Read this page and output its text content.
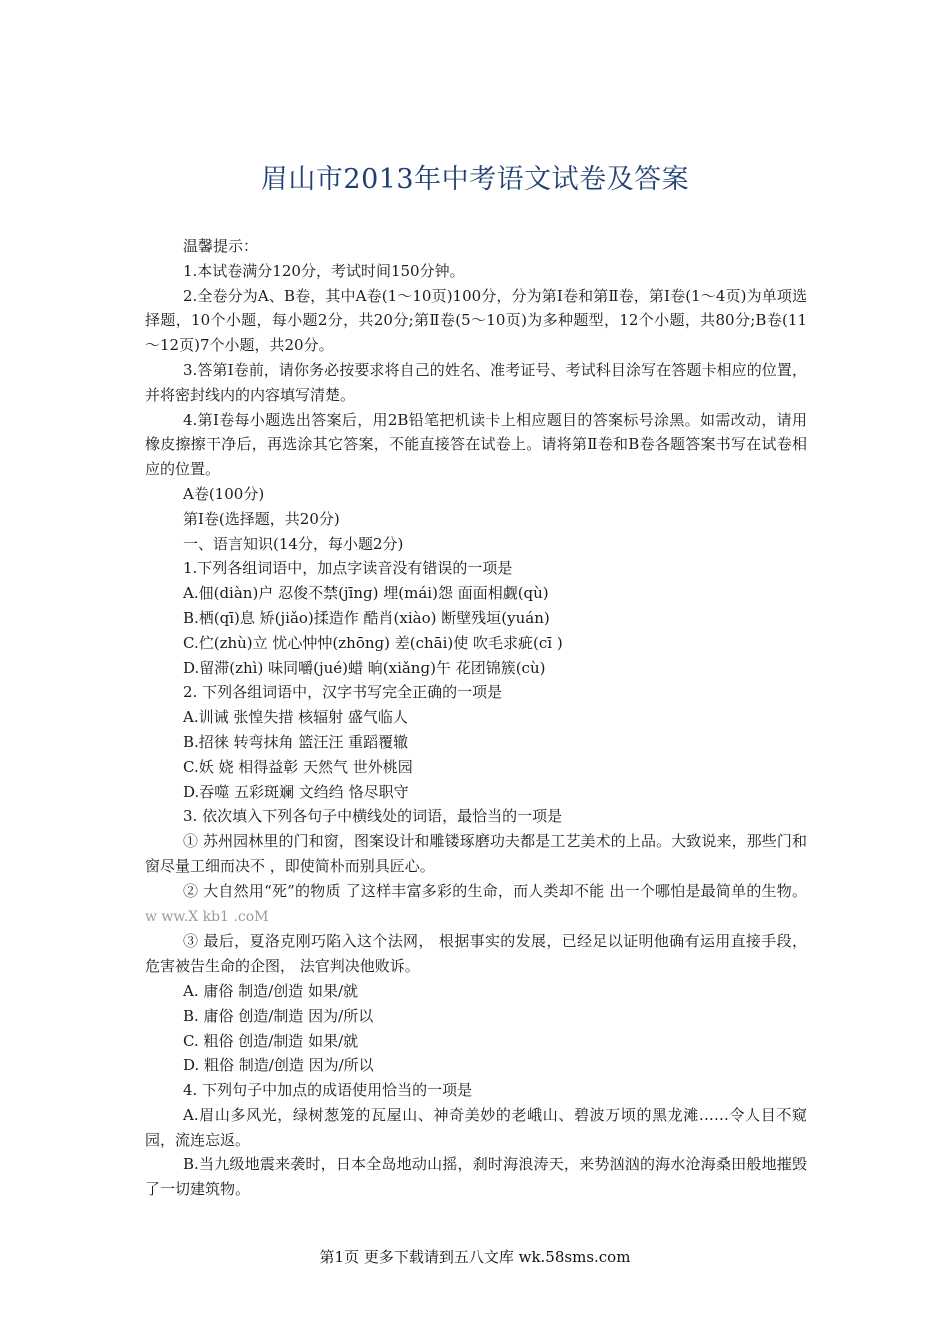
眉山市2013年中考语文试卷及答案

温馨提示：

1.本试卷满分120分，考试时间150分钟。

2.全卷分为A、B卷，其中A卷(1～10页)100分，分为第Ⅰ卷和第Ⅱ卷，第Ⅰ卷(1～4页)为单项选择题，10个小题，每小题2分，共20分;第Ⅱ卷(5～10页)为多种题型，12个小题，共80分;B卷(11～12页)7个小题，共20分。

3.答第Ⅰ卷前，请你务必按要求将自己的姓名、准考证号、考试科目涂写在答题卡相应的位置，并将密封线内的内容填写清楚。

4.第Ⅰ卷每小题选出答案后，用2B铅笔把机读卡上相应题目的答案标号涂黑。如需改动，请用橡皮擦擦干净后，再选涂其它答案，不能直接答在试卷上。请将第Ⅱ卷和B卷各题答案书写在试卷相应的位置。

A卷(100分)

第Ⅰ卷(选择题，共20分)

一、语言知识(14分，每小题2分)

1.下列各组词语中，加点字读音没有错误的一项是

A.佃(diàn)户 忍俊不禁(jīnɡ) 埋(mái)怨 面面相觑(qù)

B.栖(qī)息 矫(jiǎo)揉造作 酷肖(xiào) 断壁残垣(yuán)

C.伫(zhù)立 忧心忡忡(zhōnɡ) 差(chāi)使 吹毛求疵(cī )

D.留滞(zhì) 味同嚼(jué)蜡 晌(xiǎnɡ)午 花团锦簇(cù)

2. 下列各组词语中，汉字书写完全正确的一项是

A.训诫 张惶失措 核辐射 盛气临人

B.招徕 转弯抹角 篮汪汪 重蹈覆辙

C.妖 娆 相得益彰 天然气 世外桃园

D.吞噬 五彩斑斓 文绉绉 恪尽职守

3. 依次填入下列各句子中横线处的词语，最恰当的一项是

① 苏州园林里的门和窗，图案设计和雕镂琢磨功夫都是工艺美术的上品。大致说来，那些门和窗尽量工细而决不 ，即使简朴而别具匠心。

② 大自然用“死”的物质 了这样丰富多彩的生命，而人类却不能 出一个哪怕是最简单的生物。w ww.X kb1 .coM

③ 最后，夏洛克刚巧陷入这个法网， 根据事实的发展，已经足以证明他确有运用直接手段，危害被告生命的企图， 法官判决他败诉。

A. 庸俗 制造/创造 如果/就

B. 庸俗 创造/制造 因为/所以

C. 粗俗 创造/制造 如果/就

D. 粗俗 制造/创造 因为/所以

4. 下列句子中加点的成语使用恰当的一项是

A.眉山多风光，绿树葱笼的瓦屋山、神奇美妙的老峨山、碧波万顷的黑龙滩……令人目不窥园，流连忘返。

B.当九级地震来袭时，日本全岛地动山摇，刹时海浪涛天，来势汹汹的海水沧海桑田般地摧毁了一切建筑物。

第1页 更多下载请到五八文库 wk.58sms.com
